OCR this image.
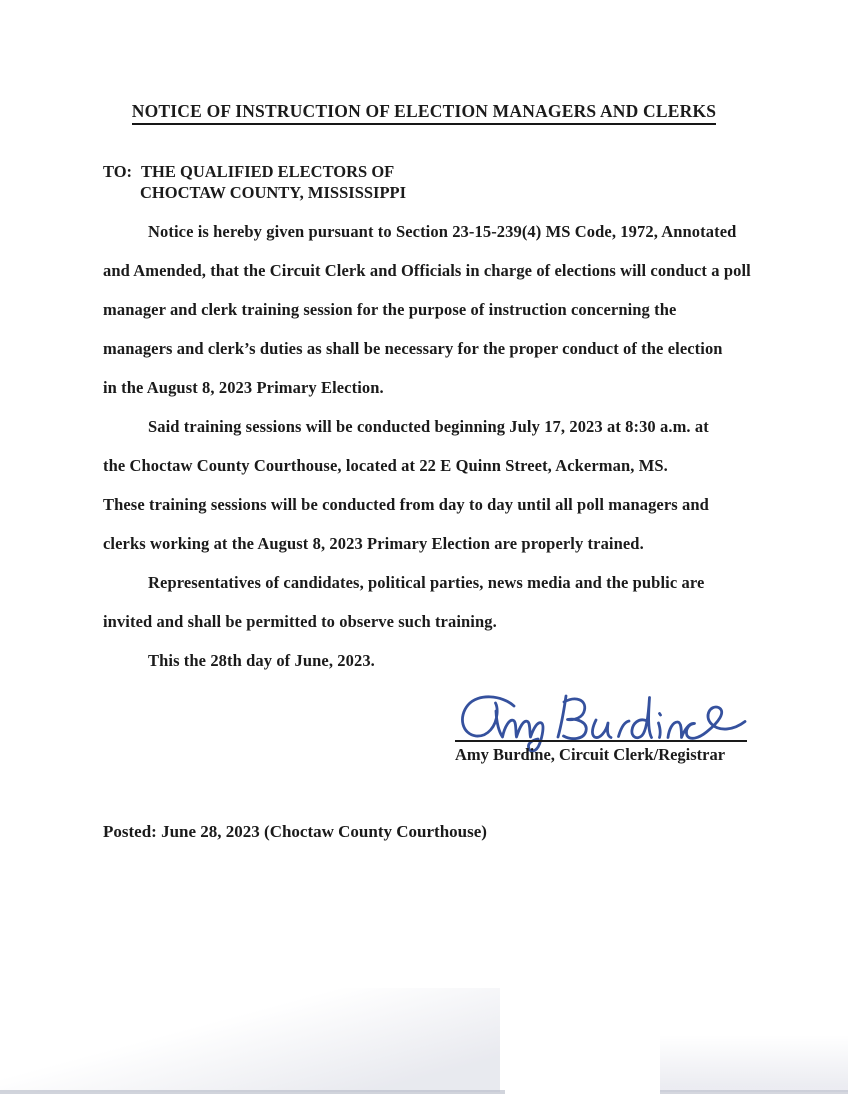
NOTICE OF INSTRUCTION OF ELECTION MANAGERS AND CLERKS
TO: THE QUALIFIED ELECTORS OF
CHOCTAW COUNTY, MISSISSIPPI
Notice is hereby given pursuant to Section 23-15-239(4) MS Code, 1972, Annotated
and Amended, that the Circuit Clerk and Officials in charge of elections will conduct a poll
manager and clerk training session for the purpose of instruction concerning the
managers and clerk’s duties as shall be necessary for the proper conduct of the election
in the August 8, 2023 Primary Election.
Said training sessions will be conducted beginning July 17, 2023 at 8:30 a.m. at
the Choctaw County Courthouse, located at 22 E Quinn Street, Ackerman, MS.
These training sessions will be conducted from day to day until all poll managers and
clerks working at the August 8, 2023 Primary Election are properly trained.
Representatives of candidates, political parties, news media and the public are
invited and shall be permitted to observe such training.
This the 28th day of June, 2023.
Amy Burdine, Circuit Clerk/Registrar
Posted: June 28, 2023 (Choctaw County Courthouse)
